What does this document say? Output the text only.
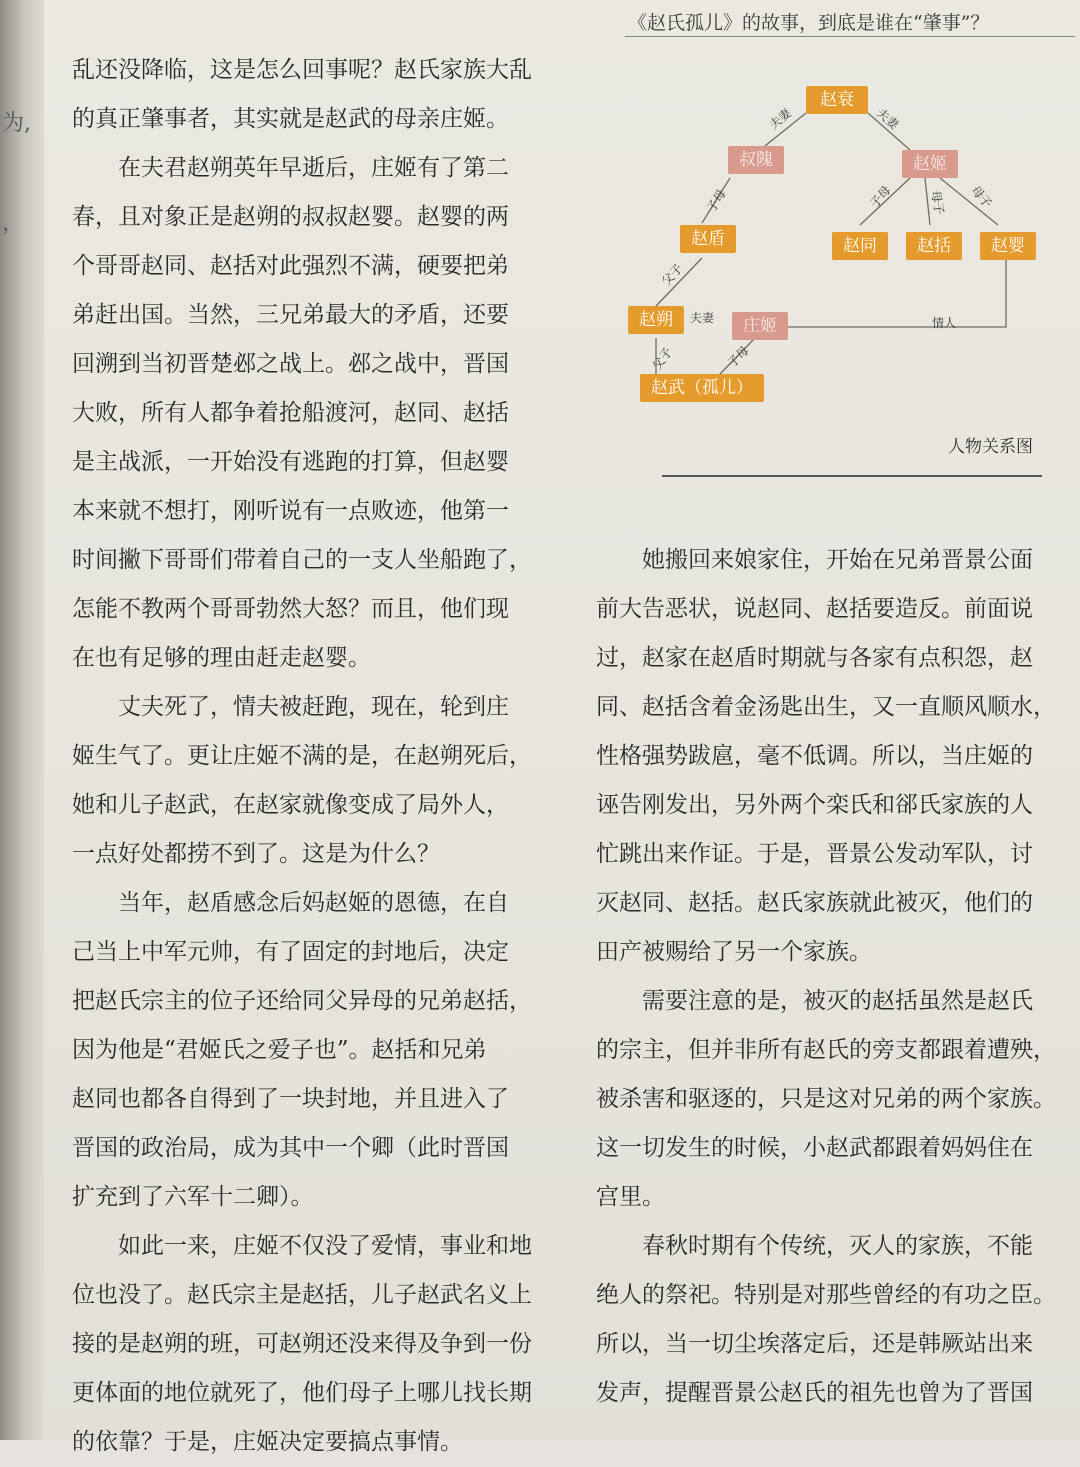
为,
，
《赵氏孤儿》的故事，到底是谁在“肇事”？

乱还没降临，这是怎么回事呢？赵氏家族大乱
的真正肇事者，其实就是赵武的母亲庄姬。

在夫君赵朔英年早逝后，庄姬有了第二
春，且对象正是赵朔的叔叔赵婴。赵婴的两
个哥哥赵同、赵括对此强烈不满，硬要把弟
弟赶出国。当然，三兄弟最大的矛盾，还要
回溯到当初晋楚邲之战上。邲之战中，晋国
大败，所有人都争着抢船渡河，赵同、赵括
是主战派，一开始没有逃跑的打算，但赵婴
本来就不想打，刚听说有一点败迹，他第一
时间撇下哥哥们带着自己的一支人坐船跑了，
怎能不教两个哥哥勃然大怒？而且，他们现
在也有足够的理由赶走赵婴。

丈夫死了，情夫被赶跑，现在，轮到庄
姬生气了。更让庄姬不满的是，在赵朔死后，
她和儿子赵武，在赵家就像变成了局外人，
一点好处都捞不到了。这是为什么？

当年，赵盾感念后妈赵姬的恩德，在自
己当上中军元帅，有了固定的封地后，决定
把赵氏宗主的位子还给同父异母的兄弟赵括，
因为他是“君姬氏之爱子也”。赵括和兄弟
赵同也都各自得到了一块封地，并且进入了
晋国的政治局，成为其中一个卿（此时晋国
扩充到了六军十二卿）。

如此一来，庄姬不仅没了爱情，事业和地
位也没了。赵氏宗主是赵括，儿子赵武名义上
接的是赵朔的班，可赵朔还没来得及争到一份
更体面的地位就死了，他们母子上哪儿找长期
的依靠？于是，庄姬决定要搞点事情。

赵衰
叔隗	赵姬
赵盾	赵同	赵括	赵婴
赵朔	庄姬
赵武（孤儿）
夫妻	夫妻
子母	子母	母子 母子
父子
夫妻	情人
父子	子母
人物关系图

她搬回来娘家住，开始在兄弟晋景公面
前大告恶状，说赵同、赵括要造反。前面说
过，赵家在赵盾时期就与各家有点积怨，赵
同、赵括含着金汤匙出生，又一直顺风顺水，
性格强势跋扈，毫不低调。所以，当庄姬的
诬告刚发出，另外两个栾氏和郤氏家族的人
忙跳出来作证。于是，晋景公发动军队，讨
灭赵同、赵括。赵氏家族就此被灭，他们的
田产被赐给了另一个家族。

需要注意的是，被灭的赵括虽然是赵氏
的宗主，但并非所有赵氏的旁支都跟着遭殃，
被杀害和驱逐的，只是这对兄弟的两个家族。
这一切发生的时候，小赵武都跟着妈妈住在
宫里。

春秋时期有个传统，灭人的家族，不能
绝人的祭祀。特别是对那些曾经的有功之臣。
所以，当一切尘埃落定后，还是韩厥站出来
发声，提醒晋景公赵氏的祖先也曾为了晋国
